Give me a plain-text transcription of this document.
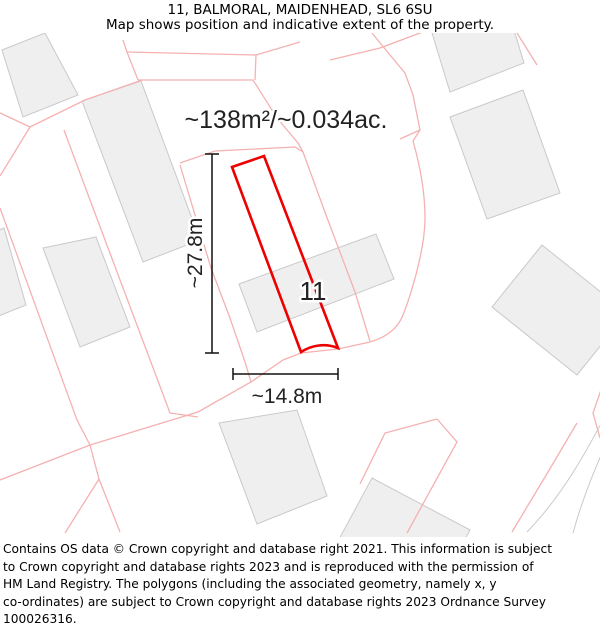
~27.8m
~14.8m
~138m²/~0.034ac.
11
11, BALMORAL, MAIDENHEAD, SL6 6SU
Map shows position and indicative extent of the property.
Contains OS data © Crown copyright and database right 2021. This information is subject
to Crown copyright and database rights 2023 and is reproduced with the permission of
HM Land Registry. The polygons (including the associated geometry, namely x, y
co-ordinates) are subject to Crown copyright and database rights 2023 Ordnance Survey
100026316.
